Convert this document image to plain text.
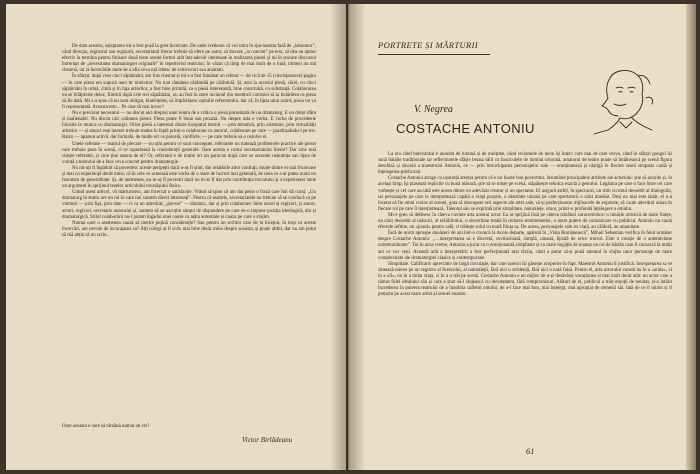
De data aceasta, așteptarea mi-a fost pusă la grea încercare. De unde credeam că voi intra în spa-numita fază de „laborator”, când direcția, regizorul sau regizorii, secretariatul literar trebuie să ofere pe autor, să discute „la concret” pe text, să dea un ajutor efectiv la termina pentru finisare două teste aceste forturi atât într-adevăr interesate în realizarea piesei și nu în stocate discursul întrerupt de „necesitatea dramaturgiei originale” în repertoriul teatrului; în văzut că timp de mai mult de o lună, nimeni nu mă cheamă, iar la încercările mele de a afla ceva mă izbesc de echivocuri sau amânări.

În sfârșit, după vreo cinci săptămâni, am fost chemat și mi s-a fost înmânat un referat — de cică de 15 (cincisprezece) pagini — în care piesa era supusă unei tir nimicitor. Nu mai rămânea cărămidă pe cărămidă. Și, asta la accesul piesă, cărei, cu cinci săptămâni în urmă, citită și în fața actorilor, a fost bine primită, ca o piesă interesantă, bine construită, cu substanță. Colaborarea nu se înfăptuise deloc, fiindcă după cele trei săptămâni, nu au fost în stare niciunul din membrii comisiei să ia hotărârea ca piesa să fie dată. Mi s-a spus că nu sunt obligat, bineînțeles, să împărtășesc opiniile referentului, dar că, în lipsa unui acord, piesa nu va fi reprezentată. Aceasta este... Pe cine să mai invoc?

Nu e prevăzut necesarul — nu discut aici dreptul unui teatru de a critica o piesă prezentată de un dramaturg. E un drept sfânt și inalienabil. Nu discut nici calitatea piesei. Piesa poate fi bună sau proastă. Nu despre asta e vorba. E vorba de procedeele folosite în munca cu dramaturgii. Orice piesă a interesat dintre începutul teatrul — prin tematică, prin orientare, prin virtualități artistice — și atunci este interes trebuie tradus în faptă printr-o colaborare cu autorul, colaborare pe care — parafrazându-l pe tov. Raicu — aparent activă, dar formală, de multe ori ce parcelă, conflicte, — pe care trebuie să o rezolve el.

Unele referate — teatrul de plecare — nu știu pentru ce sunt concepute, referatele nu tratează problemele practice ale piesei care trebuie puse în scenă, ci se raportează la considerații generale. Oare acesta e rostul secretariatului literar? Dar cine mai citește referatul, și cine ține seama de el? Or, referatul e de multe ori un paravan după care se ascunde neputința sau lipsa de voință a teatrului de a face ceva concret pentru dramaturgie.

Nu mi-ați fi îngăduit să povestesc aceste peripeții dacă n-aș fi știut, din relatările altor confrați, multe dintre ei mai frumoase și mai cu experiență decât mine, că în cele ce urmează este vorba de o stare de lucruri mai generală, de ceea ce s-ar putea numi un fenomen de generalitate. Și, de asemenea, nu le-aș fi povestit dacă nu m-ar fi dat prin contribuția trecutului și a experienței mele un argument în sprijinul tezelor articolului tovarășului Raicu.

Citind acest articol, vă mărturisesc, am încercat o satisfacție. Vrând să spun că am dat peste o frază care îmi dă curaj: „Un dramaturg în teatru are un rol în care noi suntem direct interesați”. Pentru că teatrele, secretariatele nu trebuie să se conducă ca pe vremuri — prin fișă, prin date — ci ca un adevărat, „pre-tot” — dinamic, dar și prin colaborare: între actori și regizori, și autori, actori, regizori, secretarie autorului și, suntem să ne ascuțim simțul de răspundere pe care ne-o impune poziția ideologică, dar și dramaturgică. Stilul colaborării nu-l putem îngădui unei cauze cu atâta autoritate și cauza pe care o slujim.

Numai oare o asemenea cauză să merite puțină considerație? Sau pentru un scriitor care de la început, în trup cu aceste încercări, are nevoie de încurajarea sa? Alți colegi ar fi scris mai bine decât mine despre aceasta, și poate altfel, dar nu am putut să mă abțin să nu scriu...

Oare aceasta e oare să rămână numai un vis?
Victor Birlădeanu
PORTRETE ȘI MĂRTURII
V. Negrea
COSTACHE ANTONIU

La ora când bulevardul e inundat de lumină și de mulțime, când reclamele de neon își înterc care mai de care verva, când în sfârșit gongul își sună bătăile tradiționale iar reflectoarele sfâșie bezna sălii cu fasciculele de lumină colorată, amatorul de teatru poate să întâlnească pe scenă figura deschisă și sinceră a maestrului Antoniu, ce — prin întruchiparea personajelor sale — emoționează și câștigă în fiecare seară simpatia caldă și înțelegerea publicului.

Costache Antoniu atrage cu ușurință atenția pentru că e un foarte bun povestitor, însumând principalele atribute ale actorului: știe să asculte și, în același timp, își plasează replicile cu bună măsură, știe să se miște pe scenă, stăpânește tehnica exactă a gestului. Legătura pe care o face între cel care vorbește și cel care ascultă este aceea dintre un adevărat creator și un spectator. El asigură astfel, în spectacol, un ritm cu totul deosebit al dialogului, iar personajele pe care le interpretează capătă o viață proprie, o densitate umană pe care spectatorii o simt imediat. Deși nu mai este tânăr, el n-a încetat să fie omul curios al scenei, gata să descopere noi aspecte ale artei sale, să-și perfecționeze mijloacele de expresie, să caute adevărul uman în fiecare rol pe care îl interpretează. Talentul său se exprimă prin simplitate, naturalețe, umor, printr-o profundă înțelegere a omului.

Mi-e greu să definesc în câteva cuvinte arta acestui actor. Ea se sprijină însă pe câteva trăsături caracteristice: o intuiție artistică de mare finețe, un simț deosebit al măsurii, al echilibrului, o sinceritate totală în redarea sentimentelor, o mare putere de comunicare cu publicul. Antoniu nu caută efectele ieftine, nu «joacă» pentru sală, ci trăiește rolul cu toată ființa sa. De aceea, personajele sale au viață, au căldură, au umanitate.

Încă de acum aproape douăzeci de ani într-o cronică la Acolo departe, apărută în „Viața Românească”, Mihail Sebastian verifica în felul următor despre Costache Antoniu: „…interpretarea sa e discretă, cuviincioasă, simplă, umană, lipsită de orice trucuri. Este o creație de o autenticitate cutremurătoare”. Tot în acea vreme, Antoniu a jucat cu o emoționantă simplitate și cu mare bogăție de nuanțe un rol de bătrân care îl consacră la mulți ani ce vor veni. Această artă a interpretării a fost perfecționată mai târziu, când a putut să-și pună talentul în slujba unor personaje de mare complexitate ale dramaturgiei clasice și contemporane.

Simplitate. Calificativ apreciativ de largă circulație, dar care rareori își găsește acoperire în fapt. Maestrul Antoniu îl justifică. Interpretarea sa se situează mereu pe un registru al firescului, al naturaleții, fără nici o stridență, fără nici o notă falsă. Pentru el, arta actorului constă nu în a «arăta», ci în a «fi», nu în a imita viața, ci în a o trăi pe scenă. Costache Antoniu e un mijloc de a-și desăvârși vocațiunea și mai mult decât atât: un actor care a rămas fidel idealului său și care a știut să-l slujească cu devotament, fără compromisuri. Alături de el, publicul a trăit emoții de neuitat, și-a întărit încrederea în puterea teatrului de a înnobila sufletul omului, de a-l face mai bun, mai înțelept, mai apropiat de semenii săi. Iată de ce îl iubim și îl prețuim pe acest mare artist al scenei noastre.

61
